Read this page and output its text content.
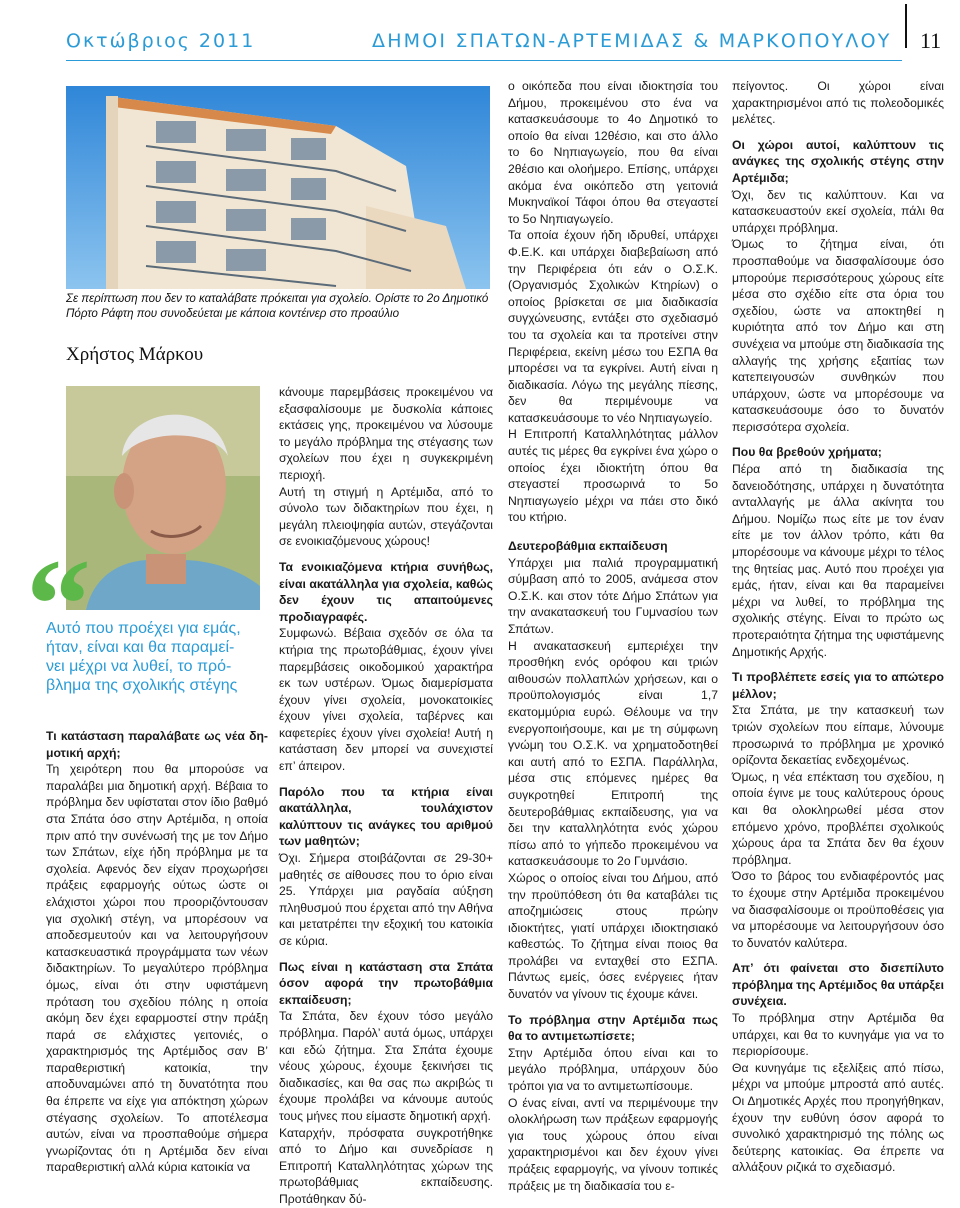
Οκτώβριος 2011	ΔΗΜΟΙ ΣΠΑΤΩΝ-ΑΡΤΕΜΙΔΑΣ & ΜΑΡΚΟΠΟΥΛΟΥ 11
Σε περίπτωση που δεν το καταλάβατε πρόκειται για σχολείο. Ορίστε το 2ο Δημοτικό Πόρτο Ράφτη που συνοδεύεται με κάποια κοντέινερ στο προαύλιο
Χρήστος Μάρκου
“
Αυτό που προέχει για εμάς,
ήταν, είναι και θα παραμεί-
νει μέχρι να λυθεί, το πρό-
βλημα της σχολικής στέγης

Τι κατάσταση παραλάβατε ως νέα δη-μοτική αρχή;

Τη χειρότερη που θα μπορούσε να παραλάβει μια δημοτική αρχή. Βέβαια το πρόβλημα δεν υφίσταται στον ίδιο βαθμό στα Σπάτα όσο στην Αρτέμιδα, η οποία πριν από την συνένωσή της με τον Δήμο των Σπάτων, είχε ήδη πρόβλημα με τα σχολεία. Αφενός δεν είχαν προχωρήσει πράξεις εφαρμογής ούτως ώστε οι ελάχιστοι χώροι που προοριζόντουσαν για σχολική στέγη, να μπορέσουν να αποδεσμευτούν και να λειτουργήσουν κατασκευαστικά προγράμματα των νέων διδακτηρίων. Το μεγαλύτερο πρόβλημα όμως, είναι ότι στην υφιστάμενη πρόταση του σχεδίου πόλης η οποία ακόμη δεν έχει εφαρμοστεί στην πράξη παρά σε ελάχιστες γειτονιές, ο χαρακτηρισμός της Αρτέμιδος σαν Β’ παραθεριστική κατοικία, την αποδυναμώνει από τη δυνατότητα που θα έπρεπε να είχε για απόκτηση χώρων στέγασης σχολείων. Το αποτέλεσμα αυτών, είναι να προσπαθούμε σήμερα γνωρίζοντας ότι η Αρτέμιδα δεν είναι παραθεριστική αλλά κύρια κατοικία να

κάνουμε παρεμβάσεις προκειμένου να εξασφαλίσουμε με δυσκολία κάποιες εκτάσεις γης, προκειμένου να λύσουμε το μεγάλο πρόβλημα της στέγασης των σχολείων που έχει η συγκεκριμένη περιοχή.

Αυτή τη στιγμή η Αρτέμιδα, από το σύνολο των διδακτηρίων που έχει, η μεγάλη πλειοψηφία αυτών, στεγάζονται σε ενοικιαζόμενους χώρους!

Τα ενοικιαζόμενα κτήρια συνήθως, είναι ακατάλληλα για σχολεία, καθώς δεν έχουν τις απαιτούμενες προδιαγραφές.

Συμφωνώ. Βέβαια σχεδόν σε όλα τα κτήρια της πρωτοβάθμιας, έχουν γίνει παρεμβάσεις οικοδομικού χαρακτήρα εκ των υστέρων. Όμως διαμερίσματα έχουν γίνει σχολεία, μονοκατοικίες έχουν γίνει σχολεία, ταβέρνες και καφετερίες έχουν γίνει σχολεία! Αυτή η κατάσταση δεν μπορεί να συνεχιστεί επ’ άπειρον.

Παρόλο που τα κτήρια είναι ακατάλληλα, τουλάχιστον καλύπτουν τις ανάγκες του αριθμού των μαθητών;

Όχι. Σήμερα στοιβάζονται σε 29-30+ μαθητές σε αίθουσες που το όριο είναι 25. Υπάρχει μια ραγδαία αύξηση πληθυσμού που έρχεται από την Αθήνα και μετατρέπει την εξοχική του κατοικία σε κύρια.

Πως είναι η κατάσταση στα Σπάτα όσον αφορά την πρωτοβάθμια εκπαίδευση;

Τα Σπάτα, δεν έχουν τόσο μεγάλο πρόβλημα. Παρόλ’ αυτά όμως, υπάρχει και εδώ ζήτημα. Στα Σπάτα έχουμε νέους χώρους, έχουμε ξεκινήσει τις διαδικασίες, και θα σας πω ακριβώς τι έχουμε προλάβει να κάνουμε αυτούς τους μήνες που είμαστε δημοτική αρχή.

Καταρχήν, πρόσφατα συγκροτήθηκε από το Δήμο και συνεδρίασε η Επιτροπή Καταλληλότητας χώρων της πρωτοβάθμιας εκπαίδευσης. Προτάθηκαν δύ-

ο οικόπεδα που είναι ιδιοκτησία του Δήμου, προκειμένου στο ένα να κατασκευάσουμε το 4ο Δημοτικό το οποίο θα είναι 12θέσιο, και στο άλλο το 6ο Νηπιαγωγείο, που θα είναι 2θέσιο και ολοήμερο. Επίσης, υπάρχει ακόμα ένα οικόπεδο στη γειτονιά Μυκηναϊκοί Τάφοι όπου θα στεγαστεί το 5ο Νηπιαγωγείο.

Τα οποία έχουν ήδη ιδρυθεί, υπάρχει Φ.Ε.Κ. και υπάρχει διαβεβαίωση από την Περιφέρεια ότι εάν ο Ο.Σ.Κ.(Οργανισμός Σχολικών Κτηρίων) ο οποίος βρίσκεται σε μια διαδικασία συγχώνευσης, εντάξει στο σχεδιασμό του τα σχολεία και τα προτείνει στην Περιφέρεια, εκείνη μέσω του ΕΣΠΑ θα μπορέσει να τα εγκρίνει. Αυτή είναι η διαδικασία. Λόγω της μεγάλης πίεσης, δεν θα περιμένουμε να κατασκευάσουμε το νέο Νηπιαγωγείο.

Η Επιτροπή Καταλληλότητας μάλλον αυτές τις μέρες θα εγκρίνει ένα χώρο ο οποίος έχει ιδιοκτήτη όπου θα στεγαστεί προσωρινά το 5ο Νηπιαγωγείο μέχρι να πάει στο δικό του κτήριο.

Δευτεροβάθμια εκπαίδευση

Υπάρχει μια παλιά προγραμματική σύμβαση από το 2005, ανάμεσα στον Ο.Σ.Κ. και στον τότε Δήμο Σπάτων για την ανακατασκευή του Γυμνασίου των Σπάτων.

Η ανακατασκευή εμπεριέχει την προσθήκη ενός ορόφου και τριών αιθουσών πολλαπλών χρήσεων, και ο προϋπολογισμός είναι 1,7 εκατομμύρια ευρώ. Θέλουμε να την ενεργοποιήσουμε, και με τη σύμφωνη γνώμη του Ο.Σ.Κ. να χρηματοδοτηθεί και αυτή από το ΕΣΠΑ. Παράλληλα, μέσα στις επόμενες ημέρες θα συγκροτηθεί Επιτροπή της δευτεροβάθμιας εκπαίδευσης, για να δει την καταλληλότητα ενός χώρου πίσω από το γήπεδο προκειμένου να κατασκευάσουμε το 2ο Γυμνάσιο.

Χώρος ο οποίος είναι του Δήμου, από την προϋπόθεση ότι θα καταβάλει τις αποζημιώσεις στους πρώην ιδιοκτήτες, γιατί υπάρχει ιδιοκτησιακό καθεστώς. Το ζήτημα είναι ποιος θα προλάβει να ενταχθεί στο ΕΣΠΑ. Πάντως εμείς, όσες ενέργειες ήταν δυνατόν να γίνουν τις έχουμε κάνει.

Το πρόβλημα στην Αρτέμιδα πως θα το αντιμετωπίσετε;

Στην Αρτέμιδα όπου είναι και το μεγάλο πρόβλημα, υπάρχουν δύο τρόποι για να το αντιμετωπίσουμε.

Ο ένας είναι, αντί να περιμένουμε την ολοκλήρωση των πράξεων εφαρμογής για τους χώρους όπου είναι χαρακτηρισμένοι και δεν έχουν γίνει πράξεις εφαρμογής, να γίνουν τοπικές πράξεις με τη διαδικασία του ε-

πείγοντος. Οι χώροι είναι χαρακτηρισμένοι από τις πολεοδομικές μελέτες.

Οι χώροι αυτοί, καλύπτουν τις ανάγκες της σχολικής στέγης στην Αρτέμιδα;

Όχι, δεν τις καλύπτουν. Και να κατασκευαστούν εκεί σχολεία, πάλι θα υπάρχει πρόβλημα.

Όμως το ζήτημα είναι, ότι προσπαθούμε να διασφαλίσουμε όσο μπορούμε περισσότερους χώρους είτε μέσα στο σχέδιο είτε στα όρια του σχεδίου, ώστε να αποκτηθεί η κυριότητα από τον Δήμο και στη συνέχεια να μπούμε στη διαδικασία της αλλαγής της χρήσης εξαιτίας των κατεπειγουσών συνθηκών που υπάρχουν, ώστε να μπορέσουμε να κατασκευάσουμε όσο το δυνατόν περισσότερα σχολεία.

Που θα βρεθούν χρήματα;

Πέρα από τη διαδικασία της δανειοδότησης, υπάρχει η δυνατότητα ανταλλαγής με άλλα ακίνητα του Δήμου. Νομίζω πως είτε με τον έναν είτε με τον άλλον τρόπο, κάτι θα μπορέσουμε να κάνουμε μέχρι το τέλος της θητείας μας. Αυτό που προέχει για εμάς, ήταν, είναι και θα παραμείνει μέχρι να λυθεί, το πρόβλημα της σχολικής στέγης. Είναι το πρώτο ως προτεραιότητα ζήτημα της υφιστάμενης Δημοτικής Αρχής.

Τι προβλέπετε εσείς για το απώτερο μέλλον;

Στα Σπάτα, με την κατασκευή των τριών σχολείων που είπαμε, λύνουμε προσωρινά το πρόβλημα με χρονικό ορίζοντα δεκαετίας ενδεχομένως.

Όμως, η νέα επέκταση του σχεδίου, η οποία έγινε με τους καλύτερους όρους και θα ολοκληρωθεί μέσα στον επόμενο χρόνο, προβλέπει σχολικούς χώρους άρα τα Σπάτα δεν θα έχουν πρόβλημα.

Όσο το βάρος του ενδιαφέροντός μας το έχουμε στην Αρτέμιδα προκειμένου να διασφαλίσουμε οι προϋποθέσεις για να μπορέσουμε να λειτουργήσουν όσο το δυνατόν καλύτερα.

Απ’ ότι φαίνεται στο δισεπίλυτο πρόβλημα της Αρτέμιδος θα υπάρξει συνέχεια.

Το πρόβλημα στην Αρτέμιδα θα υπάρχει, και θα το κυνηγάμε για να το περιορίσουμε.

Θα κυνηγάμε τις εξελίξεις από πίσω, μέχρι να μπούμε μπροστά από αυτές. Οι Δημοτικές Αρχές που προηγήθηκαν, έχουν την ευθύνη όσον αφορά το συνολικό χαρακτηρισμό της πόλης ως δεύτερης κατοικίας. Θα έπρεπε να αλλάξουν ριζικά το σχεδιασμό.
